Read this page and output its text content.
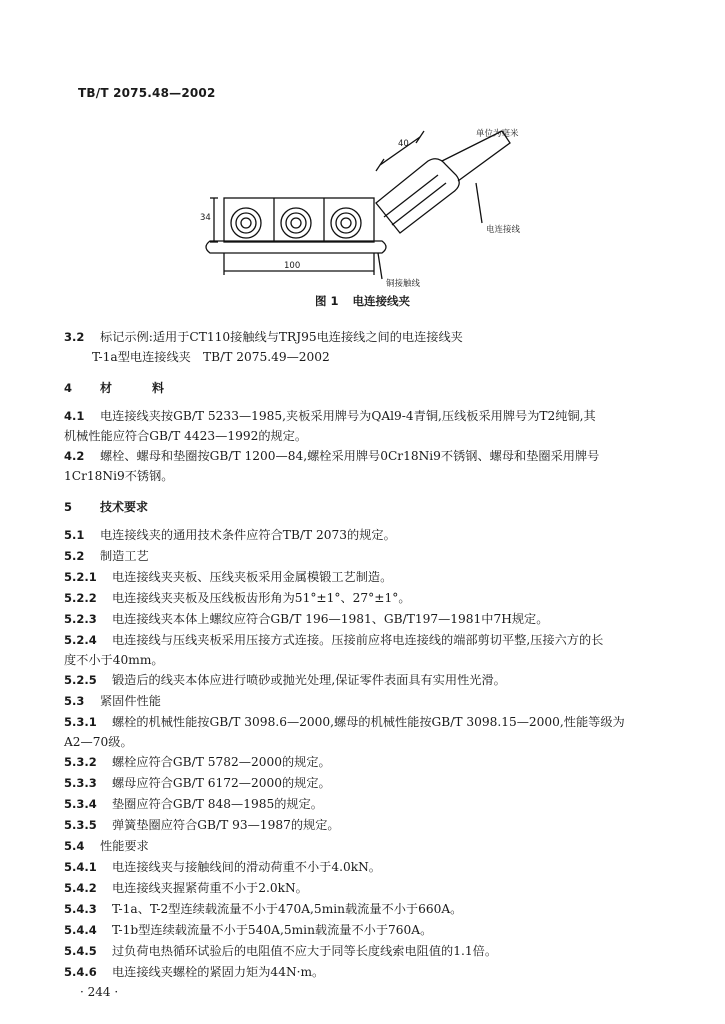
TB/T 2075.48—2002
单位为毫米
100
34
40
电连接线
铜接触线
图 1 电连接线夹
3.2 标记示例:适用于CT110接触线与TRJ95电连接线之间的电连接线夹
T-1a型电连接线夹　TB/T 2075.49—2002
4 材　料
4.1 电连接线夹按GB/T 5233—1985,夹板采用牌号为QAl9-4青铜,压线板采用牌号为T2纯铜,其
机械性能应符合GB/T 4423—1992的规定。
4.2 螺栓、螺母和垫圈按GB/T 1200—84,螺栓采用牌号0Cr18Ni9不锈钢、螺母和垫圈采用牌号
1Cr18Ni9不锈钢。
5 技术要求
5.1 电连接线夹的通用技术条件应符合TB/T 2073的规定。
5.2 制造工艺
5.2.1 电连接线夹夹板、压线夹板采用金属模锻工艺制造。
5.2.2 电连接线夹夹板及压线板齿形角为51°±1°、27°±1°。
5.2.3 电连接线夹本体上螺纹应符合GB/T 196—1981、GB/T197—1981中7H规定。
5.2.4 电连接线与压线夹板采用压接方式连接。压接前应将电连接线的端部剪切平整,压接六方的长
度不小于40mm。
5.2.5 锻造后的线夹本体应进行喷砂或抛光处理,保证零件表面具有实用性光滑。
5.3 紧固件性能
5.3.1 螺栓的机械性能按GB/T 3098.6—2000,螺母的机械性能按GB/T 3098.15—2000,性能等级为
A2—70级。
5.3.2 螺栓应符合GB/T 5782—2000的规定。
5.3.3 螺母应符合GB/T 6172—2000的规定。
5.3.4 垫圈应符合GB/T 848—1985的规定。
5.3.5 弹簧垫圈应符合GB/T 93—1987的规定。
5.4 性能要求
5.4.1 电连接线夹与接触线间的滑动荷重不小于4.0kN。
5.4.2 电连接线夹握紧荷重不小于2.0kN。
5.4.3 T-1a、T-2型连续载流量不小于470A,5min载流量不小于660A。
5.4.4 T-1b型连续载流量不小于540A,5min载流量不小于760A。
5.4.5 过负荷电热循环试验后的电阻值不应大于同等长度线索电阻值的1.1倍。
5.4.6 电连接线夹螺栓的紧固力矩为44N·m。
· 244 ·
